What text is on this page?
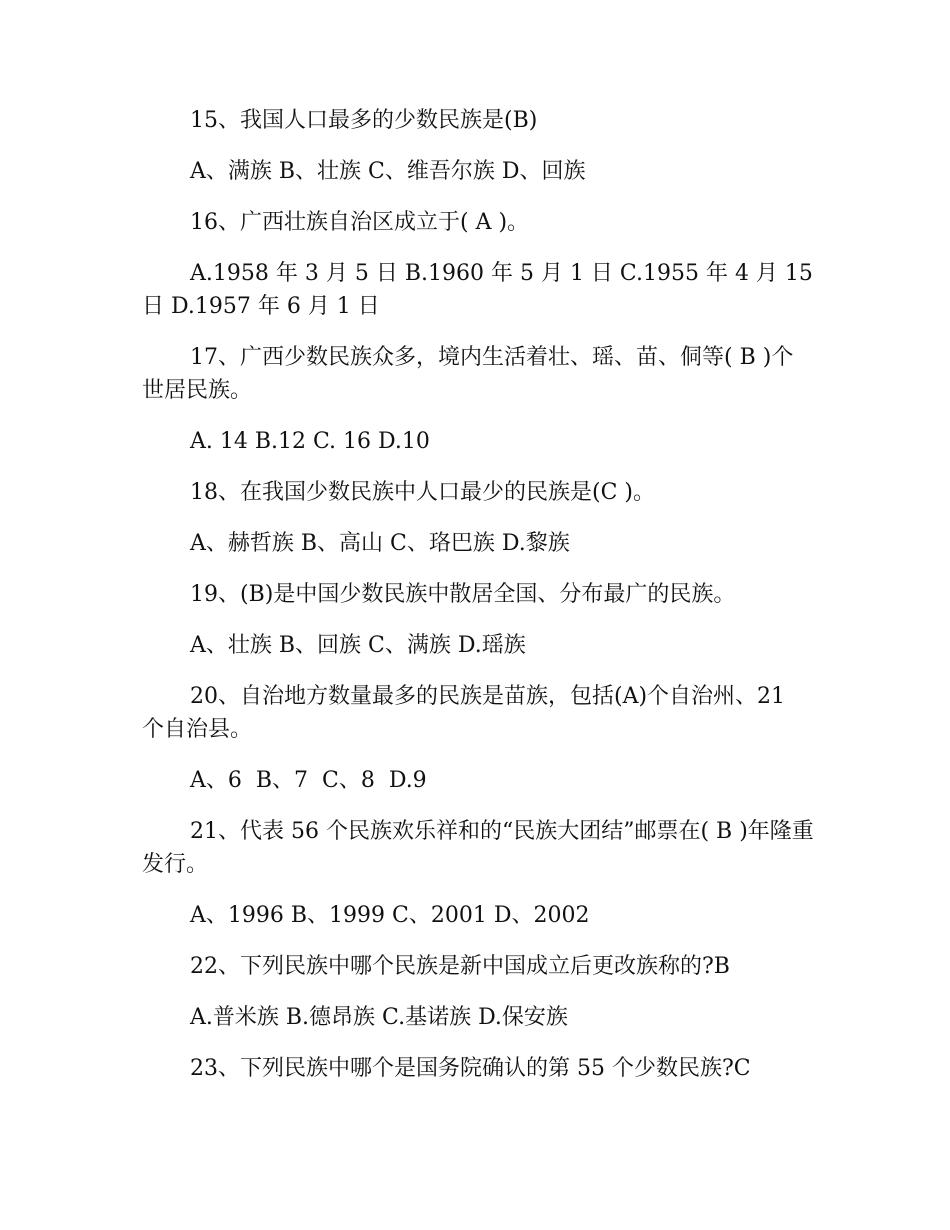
15、我国人口最多的少数民族是(B)

A、满族 B、壮族 C、维吾尔族 D、回族

16、广西壮族自治区成立于( A )。

A.1958 年 3 月 5 日 B.1960 年 5 月 1 日 C.1955 年 4 月 15 日 D.1957 年 6 月 1 日

17、广西少数民族众多，境内生活着壮、瑶、苗、侗等( B )个世居民族。

A. 14 B.12 C. 16 D.10

18、在我国少数民族中人口最少的民族是(C )。

A、赫哲族 B、高山 C、珞巴族 D.黎族

19、(B)是中国少数民族中散居全国、分布最广的民族。

A、壮族 B、回族 C、满族 D.瑶族

20、自治地方数量最多的民族是苗族，包括(A)个自治州、21 个自治县。

A、6  B、7  C、8  D.9

21、代表 56 个民族欢乐祥和的“民族大团结”邮票在( B )年隆重发行。

A、1996 B、1999 C、2001 D、2002

22、下列民族中哪个民族是新中国成立后更改族称的?B

A.普米族 B.德昂族 C.基诺族 D.保安族

23、下列民族中哪个是国务院确认的第 55 个少数民族?C
